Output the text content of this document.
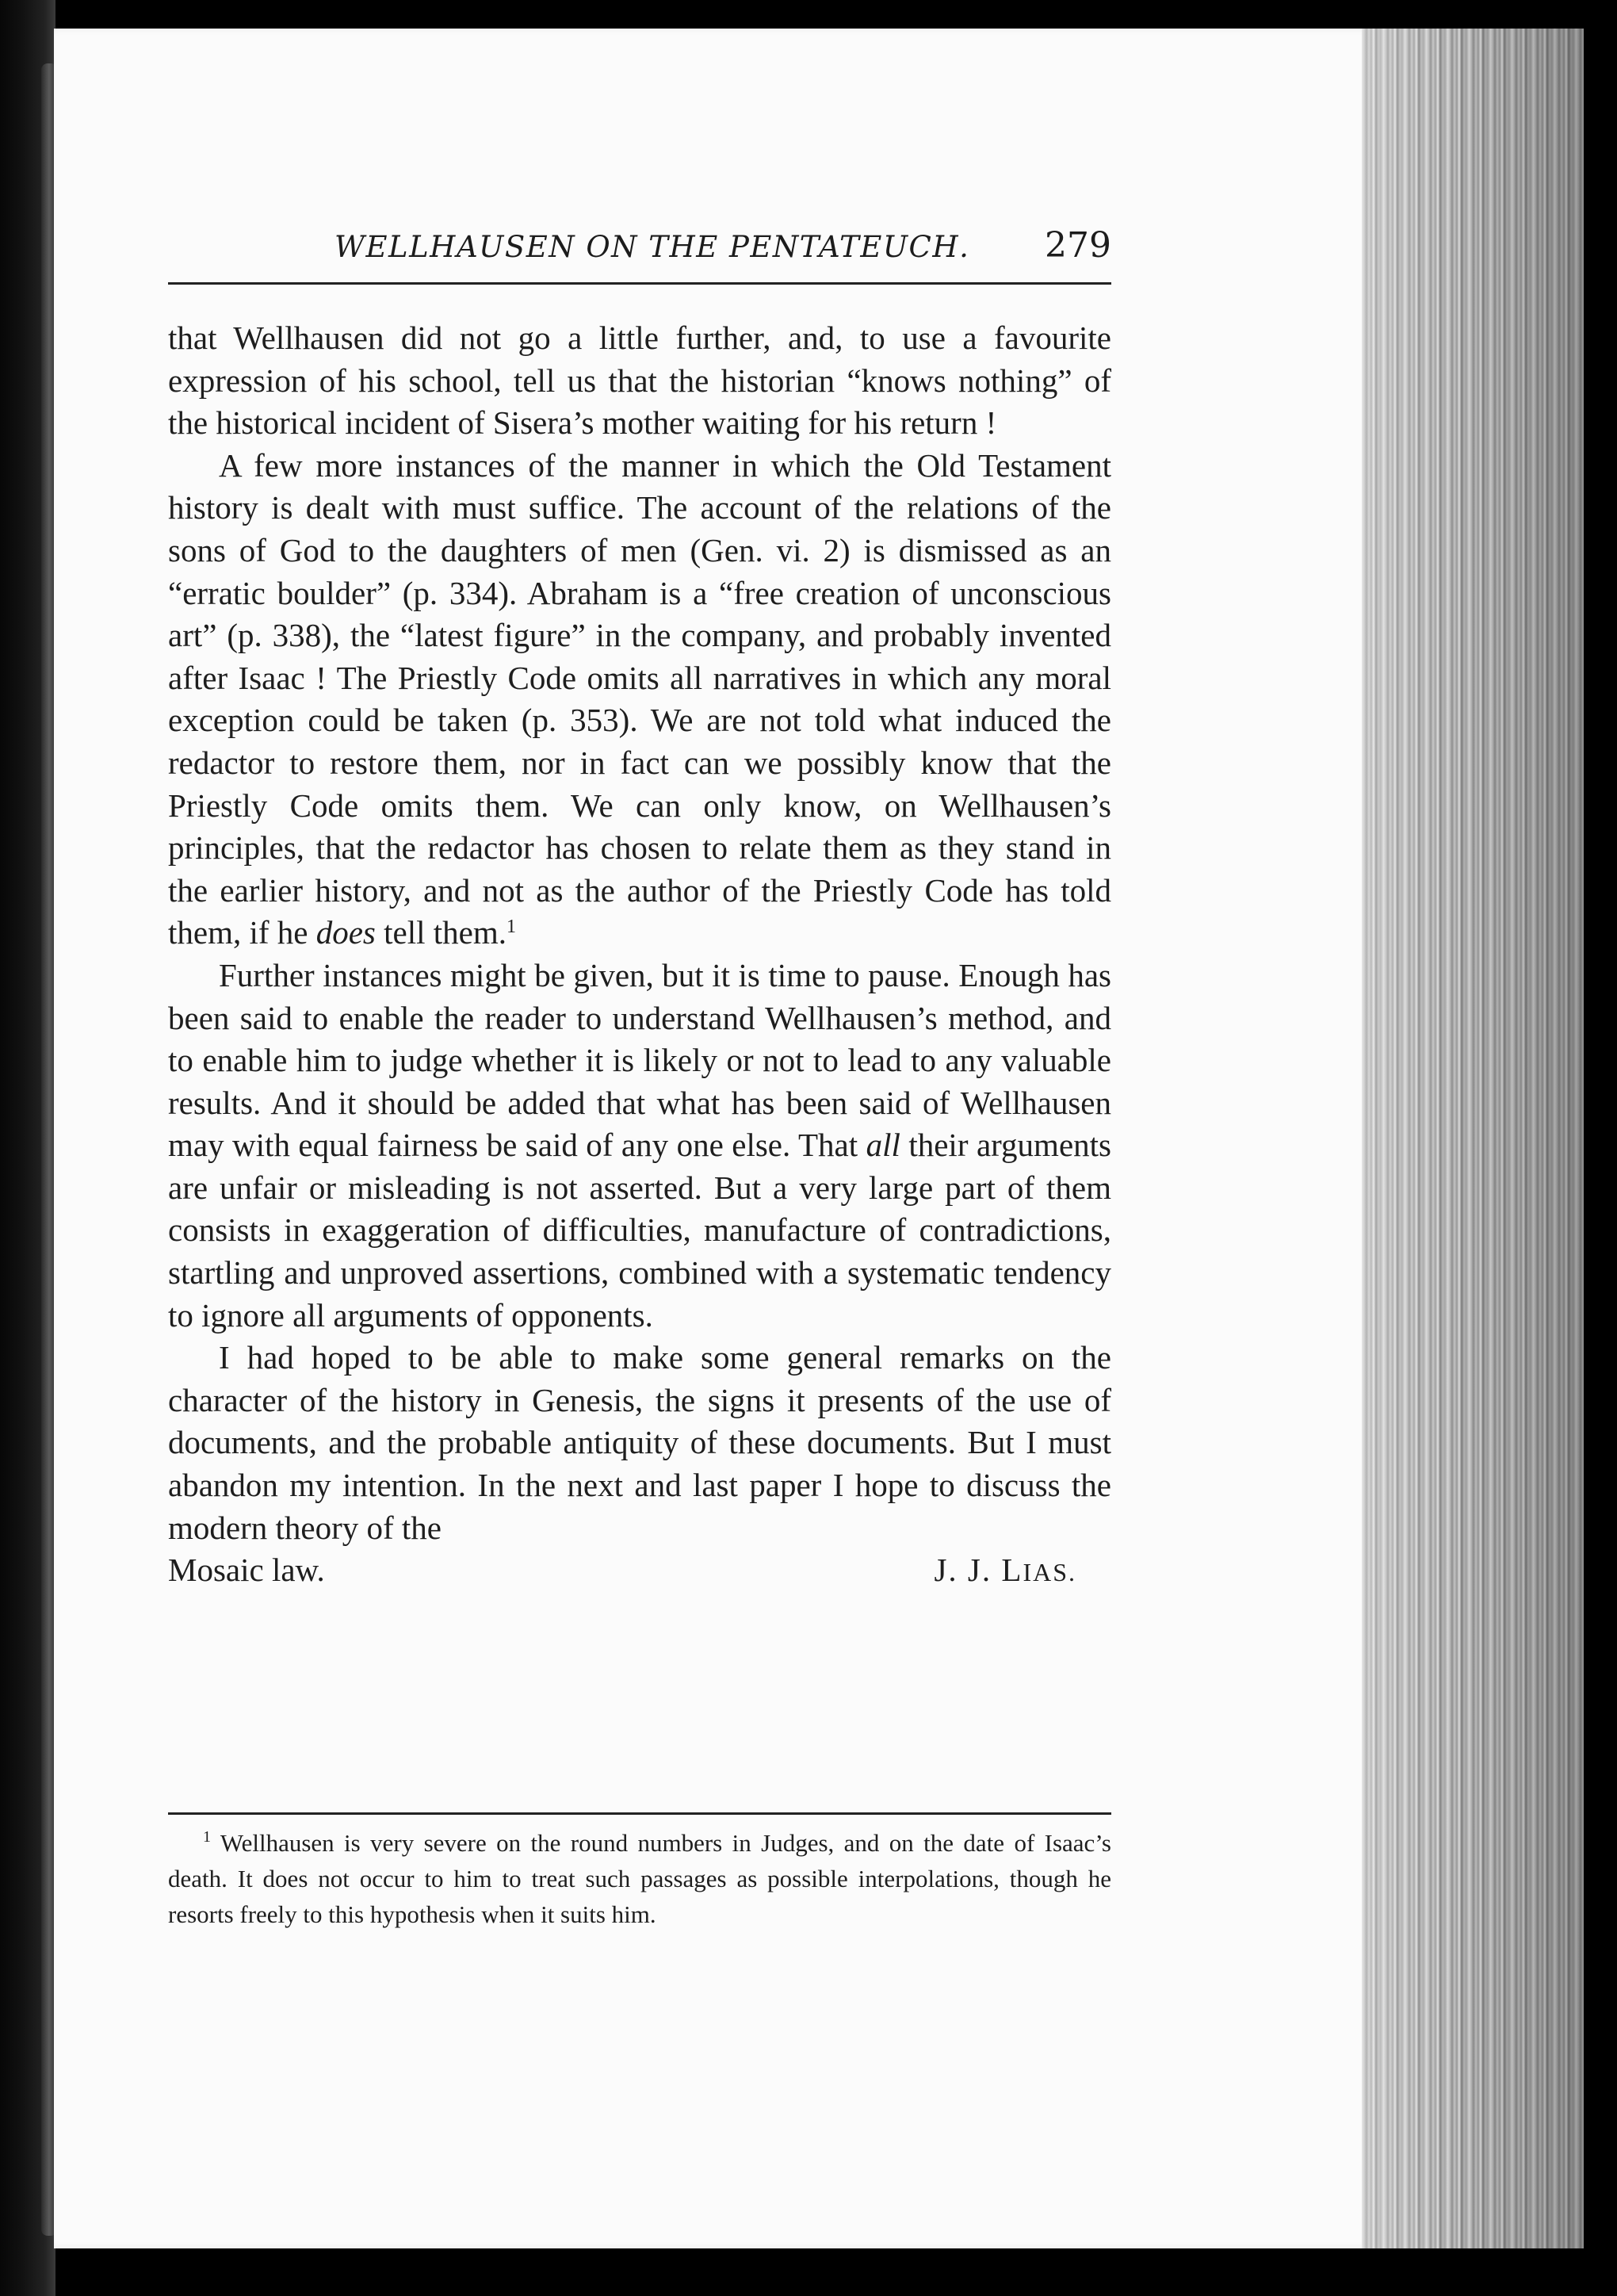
WELLHAUSEN ON THE PENTATEUCH. 279

that Wellhausen did not go a little further, and, to use a favourite expression of his school, tell us that the historian “knows nothing” of the historical incident of Sisera’s mother waiting for his return !

A few more instances of the manner in which the Old Testament history is dealt with must suffice. The account of the relations of the sons of God to the daughters of men (Gen. vi. 2) is dismissed as an “erratic boulder” (p. 334). Abraham is a “free creation of unconscious art” (p. 338), the “latest figure” in the company, and probably invented after Isaac ! The Priestly Code omits all narratives in which any moral exception could be taken (p. 353). We are not told what induced the redactor to restore them, nor in fact can we possibly know that the Priestly Code omits them. We can only know, on Wellhausen’s principles, that the redactor has chosen to relate them as they stand in the earlier history, and not as the author of the Priestly Code has told them, if he does tell them.$^1$

Further instances might be given, but it is time to pause. Enough has been said to enable the reader to understand Wellhausen’s method, and to enable him to judge whether it is likely or not to lead to any valuable results. And it should be added that what has been said of Wellhausen may with equal fairness be said of any one else. That all their arguments are unfair or misleading is not asserted. But a very large part of them consists in exaggeration of difficulties, manufacture of contradictions, startling and unproved assertions, combined with a systematic tendency to ignore all arguments of opponents.

I had hoped to be able to make some general remarks on the character of the history in Genesis, the signs it presents of the use of documents, and the probable antiquity of these documents. But I must abandon my intention. In the next and last paper I hope to discuss the modern theory of the

Mosaic law.	J. J. LIAS.

$^1$ Wellhausen is very severe on the round numbers in Judges, and on the date of Isaac’s death. It does not occur to him to treat such passages as possible interpolations, though he resorts freely to this hypothesis when it suits him.
